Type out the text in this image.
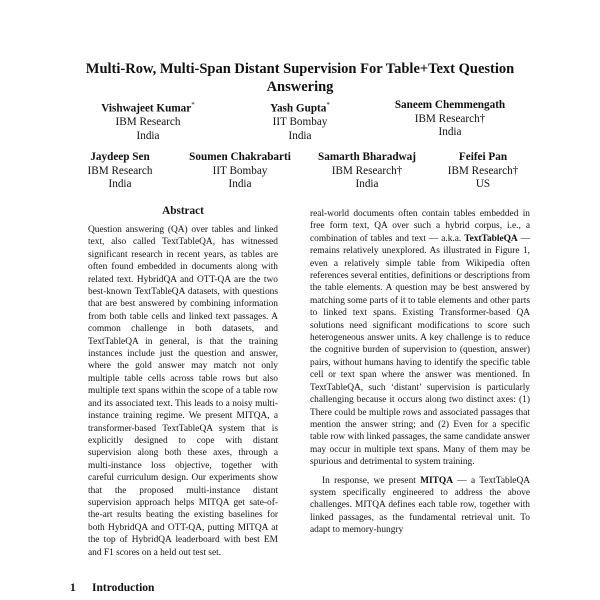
Multi-Row, Multi-Span Distant Supervision For Table+Text Question Answering
Vishwajeet Kumar*
IBM Research
India
Yash Gupta*
IIT Bombay
India
Saneem Chemmengath
IBM Research†
India
Jaydeep Sen
IBM Research
India
Soumen Chakrabarti
IIT Bombay
India
Samarth Bharadwaj
IBM Research†
India
Feifei Pan
IBM Research†
US
Abstract
Question answering (QA) over tables and linked text, also called TextTableQA, has witnessed significant research in recent years, as tables are often found embedded in documents along with related text. HybridQA and OTT-QA are the two best-known TextTableQA datasets, with questions that are best answered by combining information from both table cells and linked text passages. A common challenge in both datasets, and TextTableQA in general, is that the training instances include just the question and answer, where the gold answer may match not only multiple table cells across table rows but also multiple text spans within the scope of a table row and its associated text. This leads to a noisy multi-instance training regime. We present MITQA, a transformer-based TextTableQA system that is explicitly designed to cope with distant supervision along both these axes, through a multi-instance loss objective, together with careful curriculum design. Our experiments show that the proposed multi-instance distant supervision approach helps MITQA get sate-of-the-art results beating the existing baselines for both HybridQA and OTT-QA, putting MITQA at the top of HybridQA leaderboard with best EM and F1 scores on a held out test set.

real-world documents often contain tables embedded in free form text, QA over such a hybrid corpus, i.e., a combination of tables and text — a.k.a. TextTableQA — remains relatively unexplored. As illustrated in Figure 1, even a relatively simple table from Wikipedia often references several entities, definitions or descriptions from the table elements. A question may be best answered by matching some parts of it to table elements and other parts to linked text spans. Existing Transformer-based QA solutions need significant modifications to score such heterogeneous answer units. A key challenge is to reduce the cognitive burden of supervision to (question, answer) pairs, without humans having to identify the specific table cell or text span where the answer was mentioned. In TextTableQA, such ‘distant’ supervision is particularly challenging because it occurs along two distinct axes: (1) There could be multiple rows and associated passages that mention the answer string; and (2) Even for a specific table row with linked passages, the same candidate answer may occur in multiple text spans. Many of them may be spurious and detrimental to system training.

In response, we present MITQA — a TextTableQA system specifically engineered to address the above challenges. MITQA defines each table row, together with linked passages, as the fundamental retrieval unit. To adapt to memory-hungry

1 Introduction
